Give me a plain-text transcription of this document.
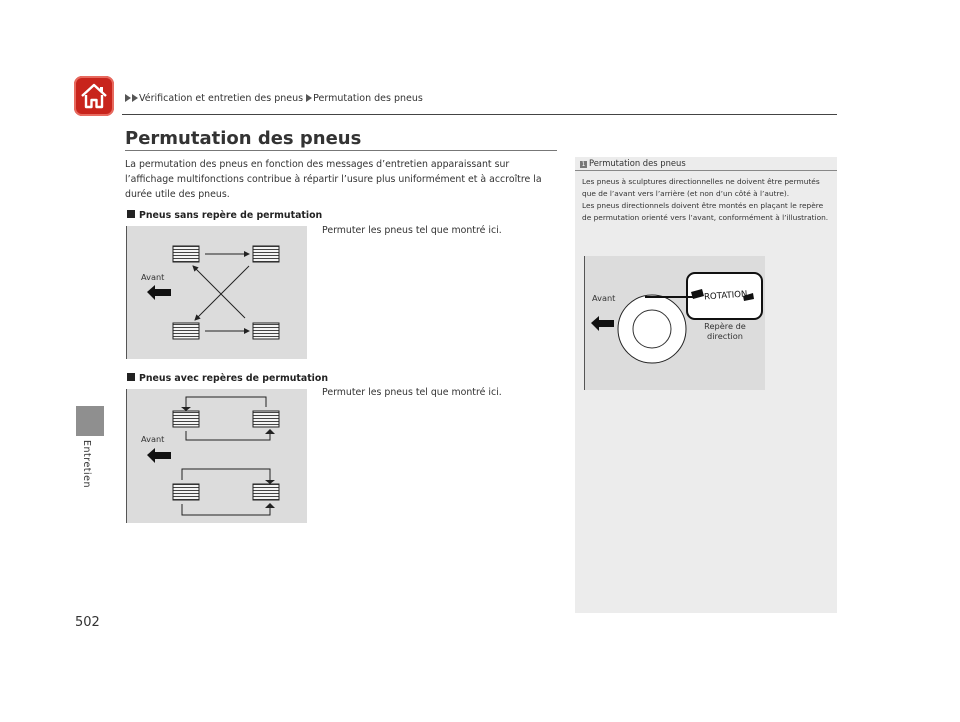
Vérification et entretien des pneus Permutation des pneus
Entretien
502
Permutation des pneus
La permutation des pneus en fonction des messages d’entretien apparaissant sur l’affichage multifonctions contribue à répartir l’usure plus uniformément et à accroître la durée utile des pneus.
Pneus sans repère de permutation
Permuter les pneus tel que montré ici.
Avant
Pneus avec repères de permutation
Permuter les pneus tel que montré ici.
Avant
1 Permutation des pneus
Les pneus à sculptures directionnelles ne doivent être permutés que de l’avant vers l’arrière (et non d’un côté à l’autre).
Les pneus directionnels doivent être montés en plaçant le repère de permutation orienté vers l’avant, conformément à l’illustration.
Avant	ROTATION
Repère de direction
